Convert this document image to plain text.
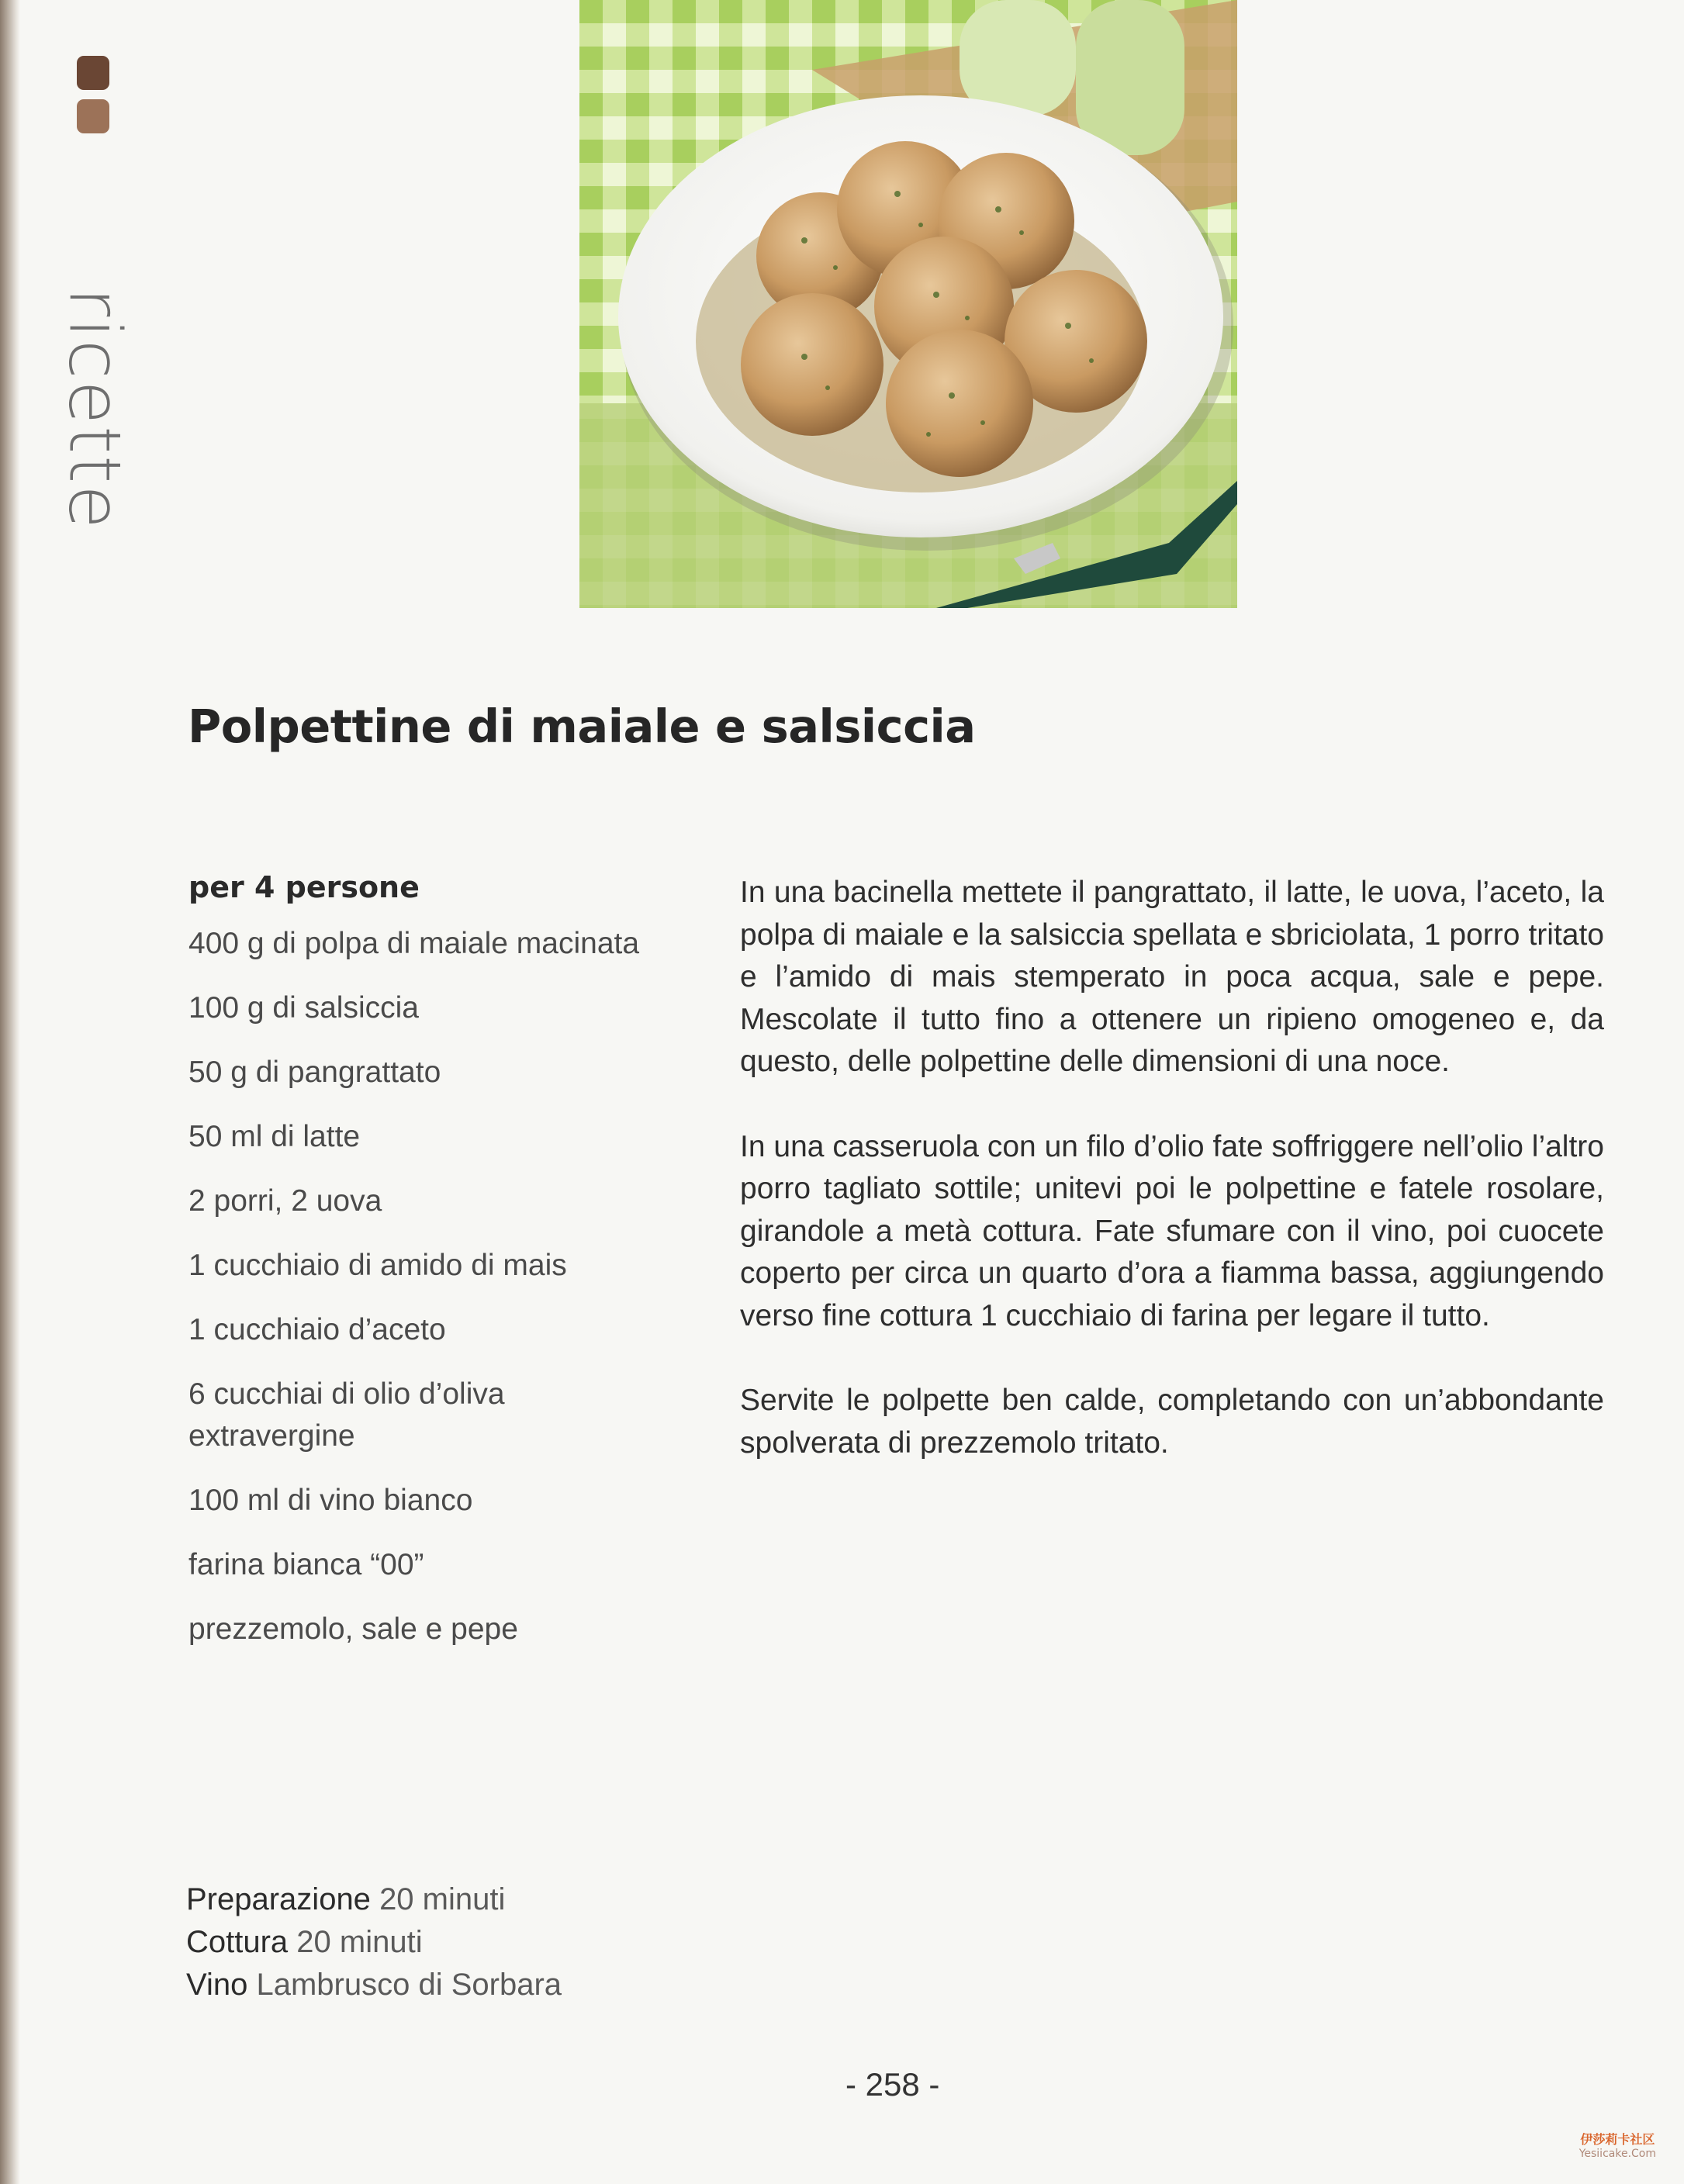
ricette
Polpettine di maiale e salsiccia
per 4 persone
400 g di polpa di maiale macinata
100 g di salsiccia
50 g di pangrattato
50 ml di latte
2 porri, 2 uova
1 cucchiaio di amido di mais
1 cucchiaio d’aceto
6 cucchiai di olio d’oliva extravergine
100 ml di vino bianco
farina bianca “00”
prezzemolo, sale e pepe

In una bacinella mettete il pangrattato, il latte, le uova, l’aceto, la polpa di maiale e la salsiccia spellata e sbriciolata, 1 porro tritato e l’amido di mais stemperato in poca acqua, sale e pepe. Mescolate il tutto fino a ottenere un ripieno omogeneo e, da questo, delle polpettine delle dimensioni di una noce.

In una casseruola con un filo d’olio fate soffriggere nell’olio l’altro porro tagliato sottile; unitevi poi le polpettine e fatele rosolare, girandole a metà cottura. Fate sfumare con il vino, poi cuocete coperto per circa un quarto d’ora a fiamma bassa, aggiungendo verso fine cottura 1 cucchiaio di farina per legare il tutto.

Servite le polpette ben calde, completando con un’abbondante spolverata di prezzemolo tritato.

Preparazione 20 minuti
Cottura 20 minuti
Vino Lambrusco di Sorbara
- 258 -
伊莎莉卡社区
Yesiicake.Com
